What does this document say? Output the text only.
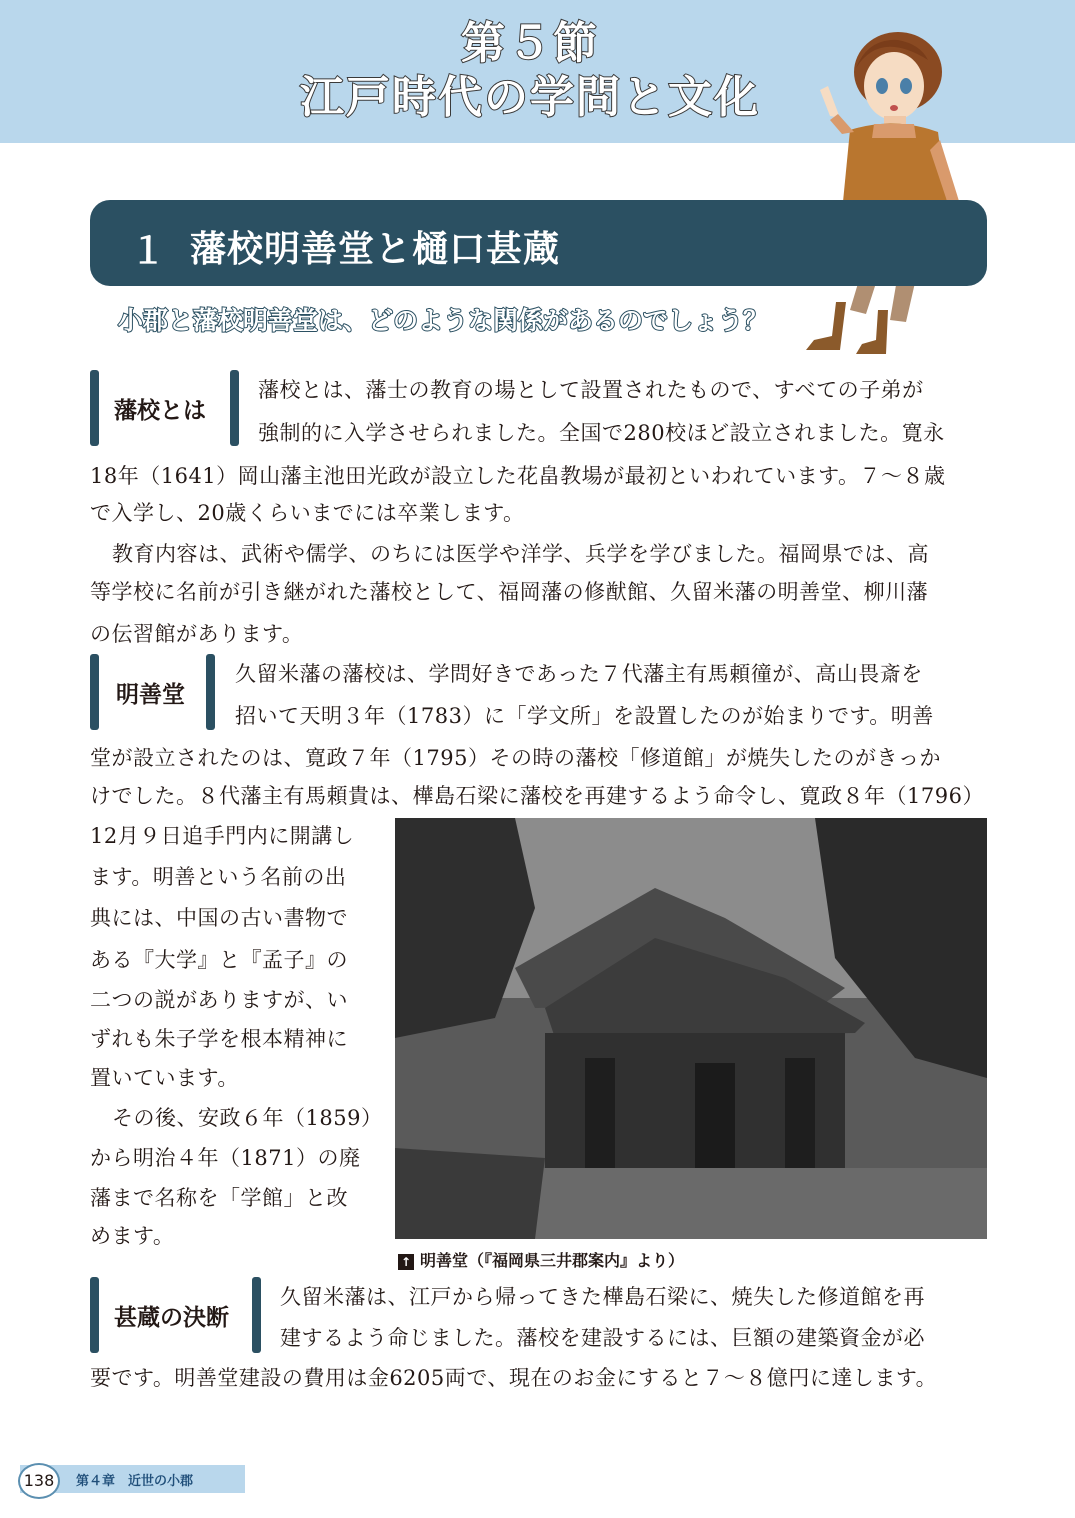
第５節
江戸時代の学問と文化
１ 藩校明善堂と樋口甚蔵
小郡と藩校明善堂は、どのような関係があるのでしょう？
藩校とは
藩校とは、藩士の教育の場として設置されたもので、すべての子弟が
強制的に入学させられました。全国で280校ほど設立されました。寛永
18年（1641）岡山藩主池田光政が設立した花畠教場が最初といわれています。７～８歳
で入学し、20歳くらいまでには卒業します。
教育内容は、武術や儒学、のちには医学や洋学、兵学を学びました。福岡県では、高
等学校に名前が引き継がれた藩校として、福岡藩の修猷館、久留米藩の明善堂、柳川藩
の伝習館があります。
明善堂
久留米藩の藩校は、学問好きであった７代藩主有馬頼徸が、高山畏斎を
招いて天明３年（1783）に「学文所」を設置したのが始まりです。明善
堂が設立されたのは、寛政７年（1795）その時の藩校「修道館」が焼失したのがきっか
けでした。８代藩主有馬頼貴は、樺島石梁に藩校を再建するよう命令し、寛政８年（1796）
12月９日追手門内に開講し
ます。明善という名前の出
典には、中国の古い書物で
ある『大学』と『孟子』の
二つの説がありますが、い
ずれも朱子学を根本精神に
置いています。
その後、安政６年（1859）
から明治４年（1871）の廃
藩まで名称を「学館」と改
めます。
↑ 明善堂（『福岡県三井郡案内』より）
甚蔵の決断
久留米藩は、江戸から帰ってきた樺島石梁に、焼失した修道館を再
建するよう命じました。藩校を建設するには、巨額の建築資金が必
要です。明善堂建設の費用は金6205両で、現在のお金にすると７～８億円に達します。
138	第４章　近世の小郡
